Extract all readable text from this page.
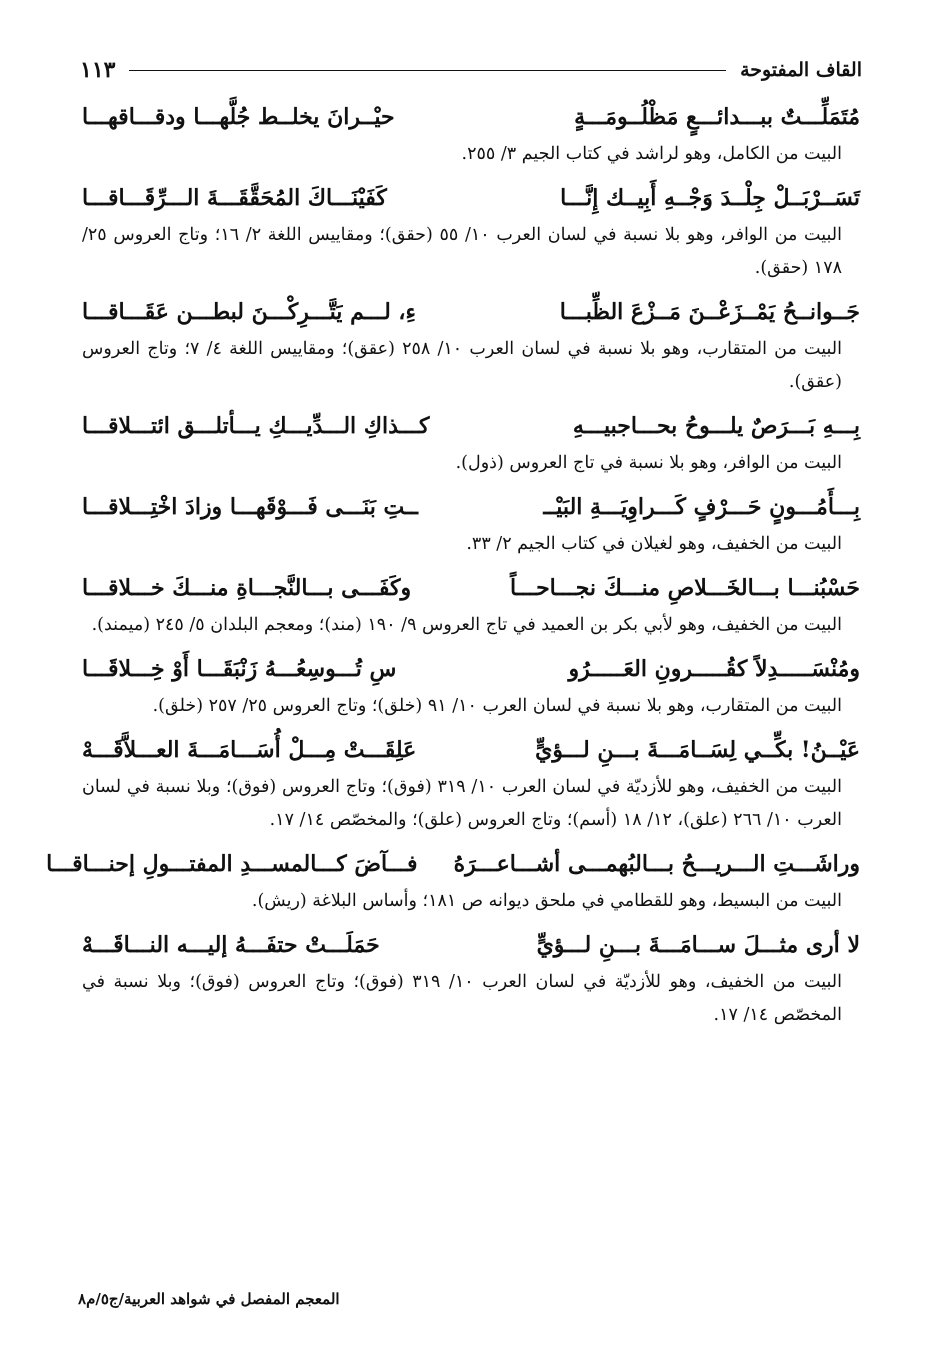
القاف المفتوحة
١١٣
مُتَمَلِّـــتٌ ببـــدائـــعٍ مَظْلُــومَـــةٍ
حيْــرانَ يخلــط جُلَّهـــا ودقـــاقهـــا

البيت من الكامل، وهو لراشد في كتاب الجيم ٣/ ٢٥٥.

تَسَــرْبَــلْ جِلْــدَ وَجْــهِ أَبِيــك إِنَّـــا
كَفَيْنَـــاكَ المُحَقَّقَـــةَ الـــرِّقَـــاقـــا

البيت من الوافر، وهو بلا نسبة في لسان العرب ١٠/ ٥٥ (حقق)؛ ومقاييس اللغة ٢/ ١٦؛ وتاج العروس ٢٥/ ١٧٨ (حقق).

جَــوانــحُ يَمْــزَعْــنَ مَــزْعَ الظِّبـــا
ءِ، لـــم يَتَّـــرِكْـــنَ لبطـــن عَقَـــاقـــا

البيت من المتقارب، وهو بلا نسبة في لسان العرب ١٠/ ٢٥٨ (عقق)؛ ومقاييس اللغة ٤/ ٧؛ وتاج العروس (عقق).

بِـــهِ بَـــرَصٌ يلـــوحُ بحـــاجبيـــهِ
كـــذاكِ الـــدِّيـــكِ يـــأتلـــق ائتـــلاقـــا

البيت من الوافر، وهو بلا نسبة في تاج العروس (ذول).

بِـــأَمُـــونٍ حَـــرْفٍ كَـــراوِيَـــةِ البَيْــ
ــتِ بَنَـــى فَـــوْقَهـــا وزادَ اخْتِـــلاقـــا

البيت من الخفيف، وهو لغيلان في كتاب الجيم ٢/ ٣٣.

حَسْبُنـــا بـــالخَـــلاصِ منـــكَ نجـــاحـــاً
وكَفَـــى بـــالنَّجـــاةِ منـــكَ خـــلاقـــا

البيت من الخفيف، وهو لأبي بكر بن العميد في تاج العروس ٩/ ١٩٠ (مند)؛ ومعجم البلدان ٥/ ٢٤٥ (ميمند).

ومُنْسَـــــدِلاً كقُـــــرونِ العَـــــرُو
سِ تُـــوسِعُـــهُ زَنْبَقَـــا أَوْ خِـــلاقَـــا

البيت من المتقارب، وهو بلا نسبة في لسان العرب ١٠/ ٩١ (خلق)؛ وتاج العروس ٢٥/ ٢٥٧ (خلق).

عَيْــنُ! بكِّــي لِسَــامَـــةَ بـــنِ لـــؤيٍّ
عَلِقَـــتْ مِـــلْ أُسَـــامَـــةَ العـــلاَّقَـــهْ

البيت من الخفيف، وهو للأزديّة في لسان العرب ١٠/ ٣١٩ (فوق)؛ وتاج العروس (فوق)؛ وبلا نسبة في لسان العرب ١٠/ ٢٦٦ (علق)، ١٢/ ١٨ (أسم)؛ وتاج العروس (علق)؛ والمخصّص ١٤/ ١٧.

وراشَـــتِ الـــريـــحُ بـــالبُهمـــى أشـــاعـــرَهُ
فـــآضَ كـــالمســـدِ المفتـــولِ إحنـــاقـــا

البيت من البسيط، وهو للقطامي في ملحق ديوانه ص ١٨١؛ وأساس البلاغة (ريش).

لا أرى مثـــلَ ســـامَـــةَ بـــنِ لـــؤيٍّ
حَمَلَـــتْ حتفَـــهُ إليـــه النـــاقَـــهْ

البيت من الخفيف، وهو للأزديّة في لسان العرب ١٠/ ٣١٩ (فوق)؛ وتاج العروس (فوق)؛ وبلا نسبة في المخصّص ١٤/ ١٧.

المعجم المفصل في شواهد العربية/ج٥/م٨
